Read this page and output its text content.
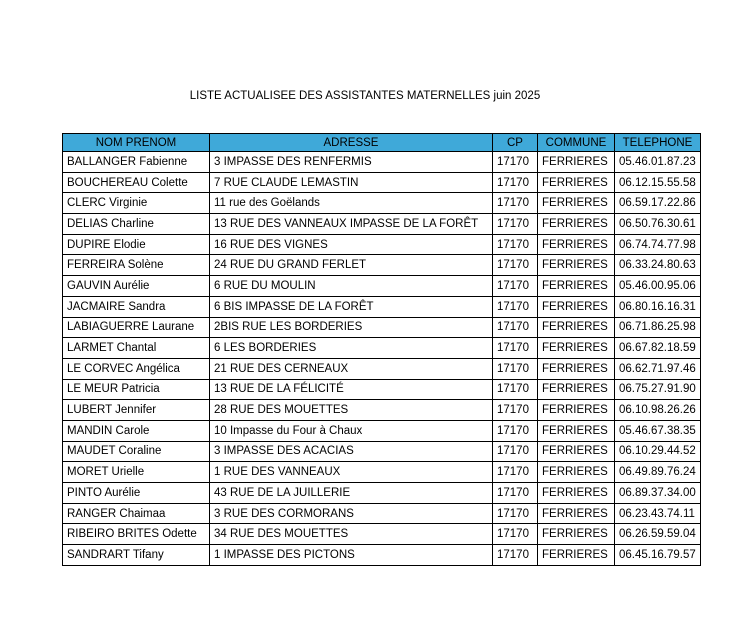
LISTE ACTUALISEE DES ASSISTANTES MATERNELLES juin 2025
NOM PRENOM	ADRESSE	CP	COMMUNE	TELEPHONE
BALLANGER Fabienne	3 IMPASSE DES RENFERMIS	17170	FERRIERES	05.46.01.87.23
BOUCHEREAU Colette	7 RUE CLAUDE LEMASTIN	17170	FERRIERES	06.12.15.55.58
CLERC Virginie	11 rue des Goëlands	17170	FERRIERES	06.59.17.22.86
DELIAS Charline	13 RUE DES VANNEAUX IMPASSE DE LA FORÊT	17170	FERRIERES	06.50.76.30.61
DUPIRE Elodie	16 RUE DES VIGNES	17170	FERRIERES	06.74.74.77.98
FERREIRA Solène	24 RUE DU GRAND FERLET	17170	FERRIERES	06.33.24.80.63
GAUVIN Aurélie	6 RUE DU MOULIN	17170	FERRIERES	05.46.00.95.06
JACMAIRE Sandra	6 BIS IMPASSE DE LA FORÊT	17170	FERRIERES	06.80.16.16.31
LABIAGUERRE Laurane	2BIS RUE LES BORDERIES	17170	FERRIERES	06.71.86.25.98
LARMET Chantal	6 LES BORDERIES	17170	FERRIERES	06.67.82.18.59
LE CORVEC Angélica	21 RUE DES CERNEAUX	17170	FERRIERES	06.62.71.97.46
LE MEUR Patricia	13 RUE DE LA FÉLICITÉ	17170	FERRIERES	06.75.27.91.90
LUBERT Jennifer	28 RUE DES MOUETTES	17170	FERRIERES	06.10.98.26.26
MANDIN Carole	10 Impasse du Four à Chaux	17170	FERRIERES	05.46.67.38.35
MAUDET Coraline	3 IMPASSE DES ACACIAS	17170	FERRIERES	06.10.29.44.52
MORET Urielle	1 RUE DES VANNEAUX	17170	FERRIERES	06.49.89.76.24
PINTO Aurélie	43 RUE DE LA JUILLERIE	17170	FERRIERES	06.89.37.34.00
RANGER Chaimaa	3 RUE DES CORMORANS	17170	FERRIERES	06.23.43.74.11
RIBEIRO BRITES Odette	34 RUE DES MOUETTES	17170	FERRIERES	06.26.59.59.04
SANDRART Tifany	1 IMPASSE DES PICTONS	17170	FERRIERES	06.45.16.79.57
